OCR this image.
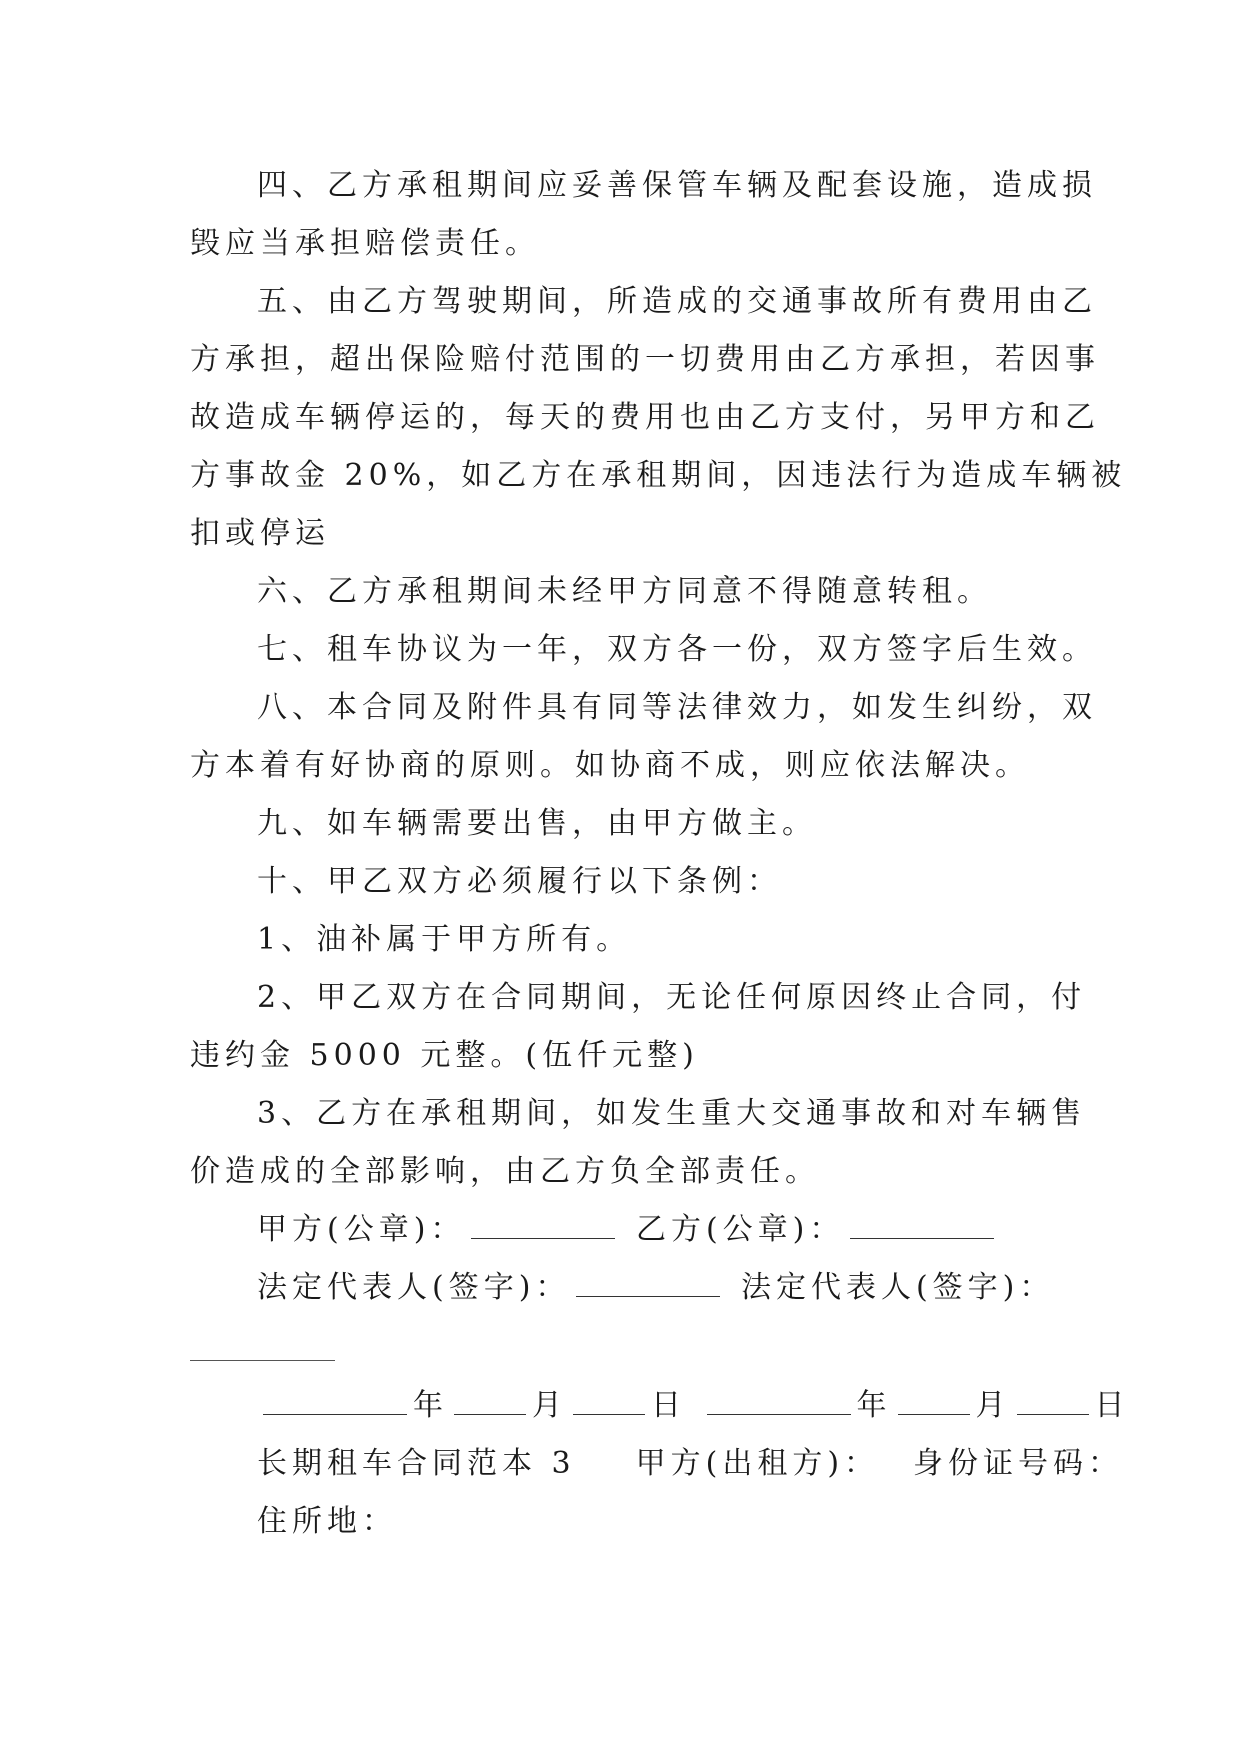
四、乙方承租期间应妥善保管车辆及配套设施，造成损
毁应当承担赔偿责任。
五、由乙方驾驶期间，所造成的交通事故所有费用由乙
方承担，超出保险赔付范围的一切费用由乙方承担，若因事
故造成车辆停运的，每天的费用也由乙方支付，另甲方和乙
方事故金 20%，如乙方在承租期间，因违法行为造成车辆被
扣或停运
六、乙方承租期间未经甲方同意不得随意转租。
七、租车协议为一年，双方各一份，双方签字后生效。
八、本合同及附件具有同等法律效力，如发生纠纷，双
方本着有好协商的原则。如协商不成，则应依法解决。
九、如车辆需要出售，由甲方做主。
十、甲乙双方必须履行以下条例：
1、油补属于甲方所有。
2、甲乙双方在合同期间，无论任何原因终止合同，付
违约金 5000 元整。(伍仟元整)
3、乙方在承租期间，如发生重大交通事故和对车辆售
价造成的全部影响，由乙方负全部责任。
甲方(公章)：	乙方(公章)：
法定代表人(签字)：	法定代表人(签字)：
年	月	日	年	月	日
长期租车合同范本 3 甲方(出租方)： 身份证号码：
住所地：
